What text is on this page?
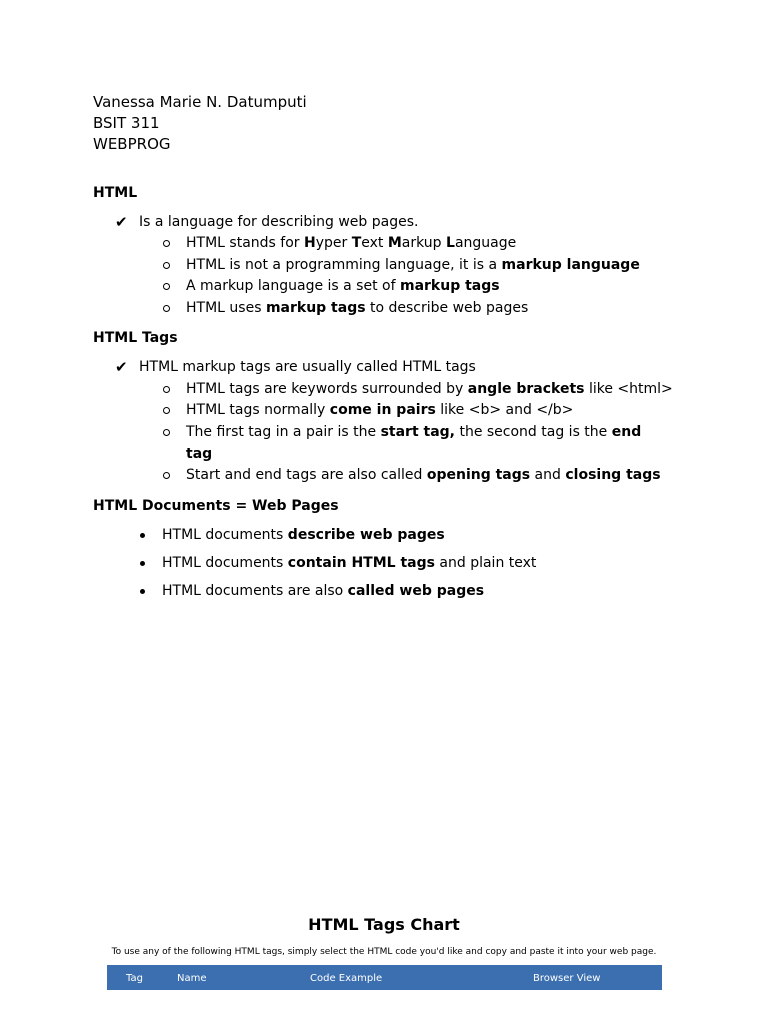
Vanessa Marie N. Datumputi
BSIT 311
WEBPROG
HTML
✔ Is a language for describing web pages.
HTML stands for Hyper Text Markup Language
HTML is not a programming language, it is a markup language
A markup language is a set of markup tags
HTML uses markup tags to describe web pages
HTML Tags
✔ HTML markup tags are usually called HTML tags
HTML tags are keywords surrounded by angle brackets like <html>
HTML tags normally come in pairs like <b> and </b>
The first tag in a pair is the start tag, the second tag is the end
tag
Start and end tags are also called opening tags and closing tags
HTML Documents = Web Pages
HTML documents describe web pages
HTML documents contain HTML tags and plain text
HTML documents are also called web pages
HTML Tags Chart
To use any of the following HTML tags, simply select the HTML code you'd like and copy and paste it into your web page.
Tag	Name	Code Example	Browser View
